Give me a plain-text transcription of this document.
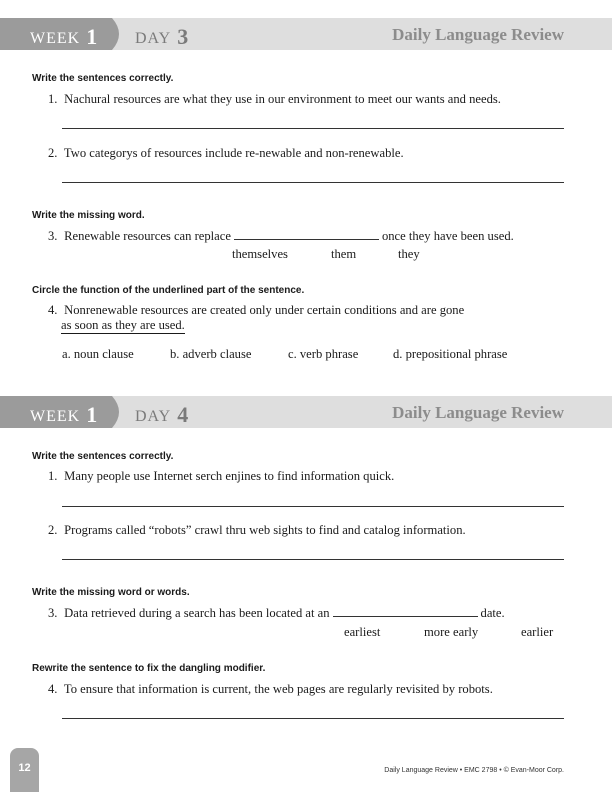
WEEK 1 DAY 3	Daily Language Review
Write the sentences correctly.
1. Nachural resources are what they use in our environment to meet our wants and needs.
2. Two categorys of resources include re-newable and non-renewable.
Write the missing word.
3. Renewable resources can replace	once they have been used.
themselves	them	they
Circle the function of the underlined part of the sentence.
4. Nonrenewable resources are created only under certain conditions and are gone
as soon as they are used.
a. noun clause	b. adverb clause	c. verb phrase	d. prepositional phrase
WEEK 1 DAY 4	Daily Language Review
Write the sentences correctly.
1. Many people use Internet serch enjines to find information quick.
2. Programs called “robots” crawl thru web sights to find and catalog information.
Write the missing word or words.
3. Data retrieved during a search has been located at an	date.
earliest	more early	earlier
Rewrite the sentence to fix the dangling modifier.
4. To ensure that information is current, the web pages are regularly revisited by robots.
12	Daily Language Review • EMC 2798 • © Evan-Moor Corp.
